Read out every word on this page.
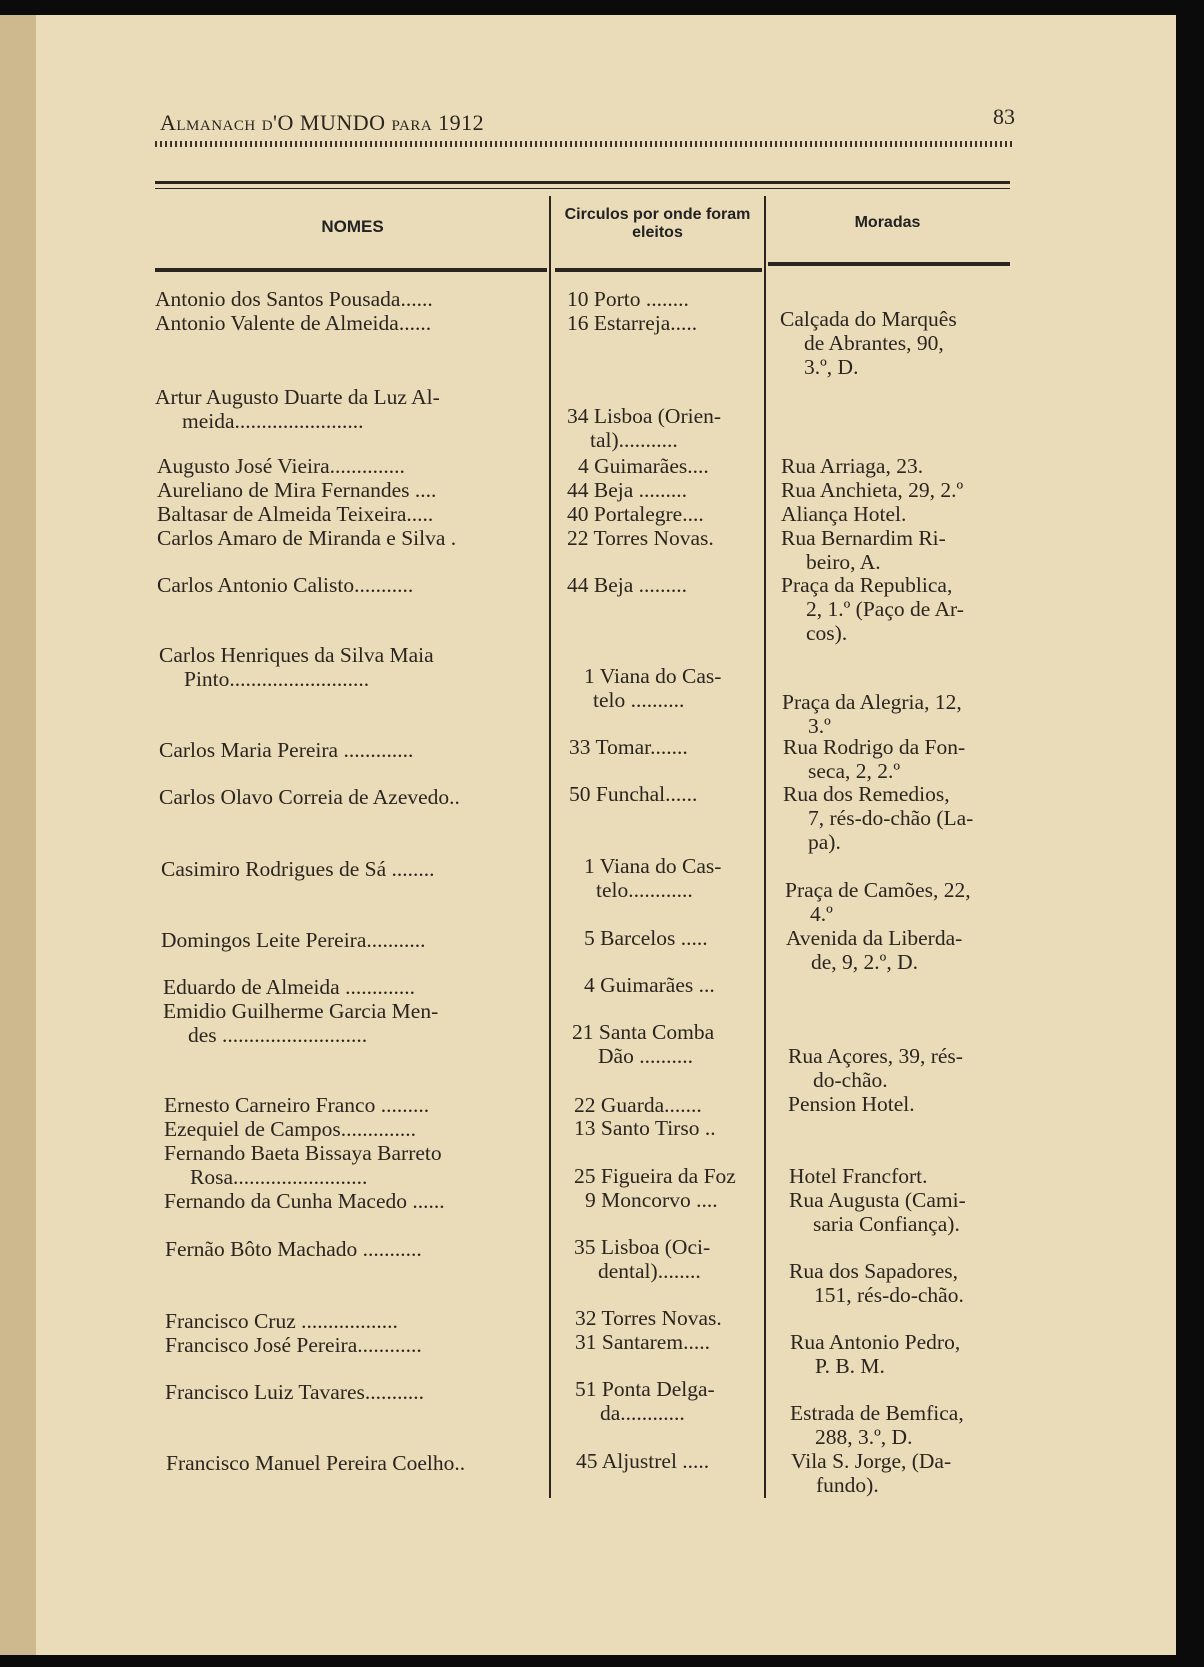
Almanach d'O MUNDO para 1912	83
NOMES
Circulos por onde foram eleitos
Moradas
Antonio dos Santos Pousada......
Antonio Valente de Almeida......
Artur Augusto Duarte da Luz Al-
meida........................
Augusto José Vieira..............
Aureliano de Mira Fernandes ....
Baltasar de Almeida Teixeira.....
Carlos Amaro de Miranda e Silva .
Carlos Antonio Calisto...........
Carlos Henriques da Silva Maia
Pinto..........................
Carlos Maria Pereira .............
Carlos Olavo Correia de Azevedo..
Casimiro Rodrigues de Sá ........
Domingos Leite Pereira...........
Eduardo de Almeida .............
Emidio Guilherme Garcia Men-
des ...........................
Ernesto Carneiro Franco .........
Ezequiel de Campos..............
Fernando Baeta Bissaya Barreto
Rosa.........................
Fernando da Cunha Macedo ......
Fernão Bôto Machado ...........
Francisco Cruz ..................
Francisco José Pereira............
Francisco Luiz Tavares...........
Francisco Manuel Pereira Coelho..
10 Porto ........
16 Estarreja.....
34 Lisboa (Orien-
tal)...........
4 Guimarães....
44 Beja .........
40 Portalegre....
22 Torres Novas.
44 Beja .........
1 Viana do Cas-
telo ..........
33 Tomar.......
50 Funchal......
1 Viana do Cas-
telo............
5 Barcelos .....
4 Guimarães ...
21 Santa Comba
Dão ..........
22 Guarda.......
13 Santo Tirso ..
25 Figueira da Foz
9 Moncorvo ....
35 Lisboa (Oci-
dental)........
32 Torres Novas.
31 Santarem.....
51 Ponta Delga-
da............
45 Aljustrel .....
Calçada do Marquês
de Abrantes, 90,
3.º, D.
Rua Arriaga, 23.
Rua Anchieta, 29, 2.º
Aliança Hotel.
Rua Bernardim Ri-
beiro, A.
Praça da Republica,
2, 1.º (Paço de Ar-
cos).
Praça da Alegria, 12,
3.º
Rua Rodrigo da Fon-
seca, 2, 2.º
Rua dos Remedios,
7, rés-do-chão (La-
pa).
Praça de Camões, 22,
4.º
Avenida da Liberda-
de, 9, 2.º, D.
Rua Açores, 39, rés-
do-chão.
Pension Hotel.
Hotel Francfort.
Rua Augusta (Cami-
saria Confiança).
Rua dos Sapadores,
151, rés-do-chão.
Rua Antonio Pedro,
P. B. M.
Estrada de Bemfica,
288, 3.º, D.
Vila S. Jorge, (Da-
fundo).
